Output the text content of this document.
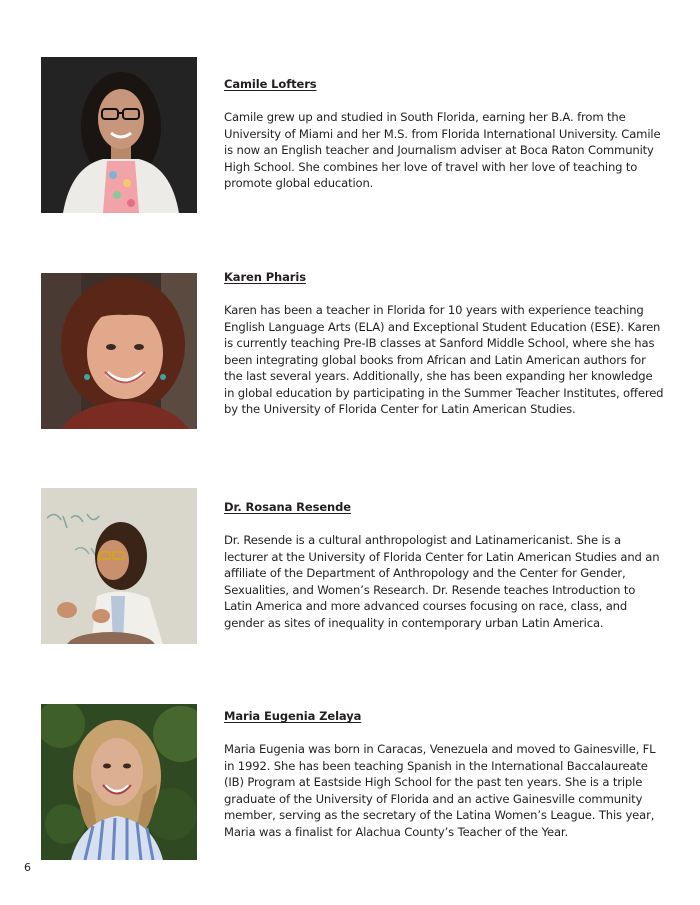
Camile Lofters

Camile grew up and studied in South Florida, earning her B.A. from the University of Miami and her M.S. from Florida International University. Camile is now an English teacher and Journalism adviser at Boca Raton Community High School. She combines her love of travel with her love of teaching to promote global education.

Karen Pharis

Karen has been a teacher in Florida for 10 years with experience teaching English Language Arts (ELA) and Exceptional Student Education (ESE). Karen is currently teaching Pre-IB classes at Sanford Middle School, where she has been integrating global books from African and Latin American authors for the last several years. Additionally, she has been expanding her knowledge in global education by participating in the Summer Teacher Institutes, offered by the University of Florida Center for Latin American Studies.

Dr. Rosana Resende

Dr. Resende is a cultural anthropologist and Latinamericanist. She is a lecturer at the University of Florida Center for Latin American Studies and an affiliate of the Department of Anthropology and the Center for Gender, Sexualities, and Women’s Research. Dr. Resende teaches Introduction to Latin America and more advanced courses focusing on race, class, and gender as sites of inequality in contemporary urban Latin America.

Maria Eugenia Zelaya

Maria Eugenia was born in Caracas, Venezuela and moved to Gainesville, FL in 1992. She has been teaching Spanish in the International Baccalaureate (IB) Program at Eastside High School for the past ten years. She is a triple graduate of the University of Florida and an active Gainesville community member, serving as the secretary of the Latina Women’s League. This year, Maria was a finalist for Alachua County’s Teacher of the Year.

6
